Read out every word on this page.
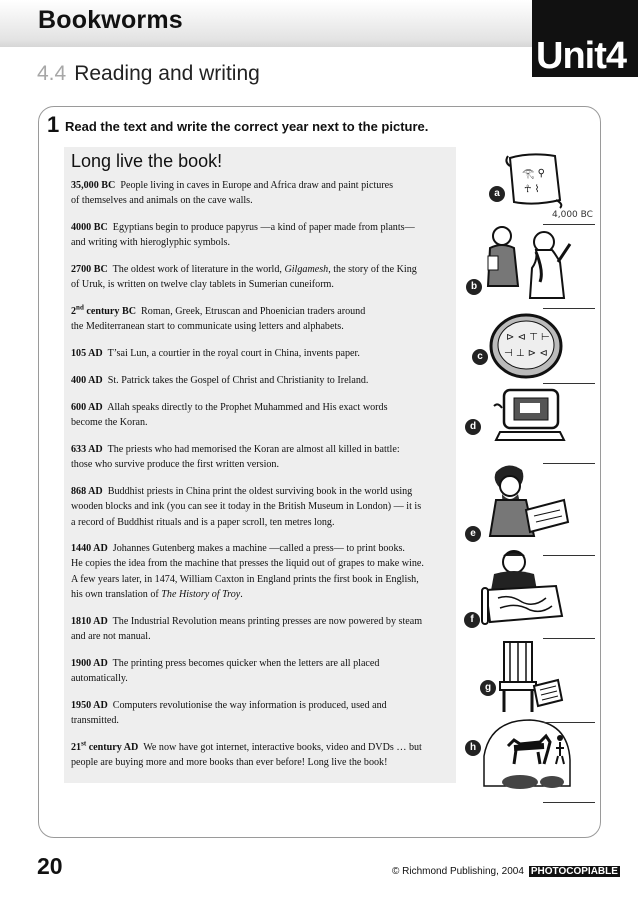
Bookworms
Unit4
4.4 Reading and writing
1 Read the text and write the correct year next to the picture.
Long live the book!
35,000 BC People living in caves in Europe and Africa draw and paint pictures
of themselves and animals on the cave walls.
4000 BC Egyptians begin to produce papyrus —a kind of paper made from plants—
and writing with hieroglyphic symbols.
2700 BC The oldest work of literature in the world, Gilgamesh, the story of the King
of Uruk, is written on twelve clay tablets in Sumerian cuneiform.
2nd century BC Roman, Greek, Etruscan and Phoenician traders around
the Mediterranean start to communicate using letters and alphabets.
105 AD T’sai Lun, a courtier in the royal court in China, invents paper.
400 AD St. Patrick takes the Gospel of Christ and Christianity to Ireland.
600 AD Allah speaks directly to the Prophet Muhammed and His exact words
become the Koran.
633 AD The priests who had memorised the Koran are almost all killed in battle:
those who survive produce the first written version.
868 AD Buddhist priests in China print the oldest surviving book in the world using
wooden blocks and ink (you can see it today in the British Museum in London) — it is
a record of Buddhist rituals and is a paper scroll, ten metres long.
1440 AD Johannes Gutenberg makes a machine —called a press— to print books.
He copies the idea from the machine that presses the liquid out of grapes to make wine.
A few years later, in 1474, William Caxton in England prints the first book in English,
his own translation of The History of Troy.
1810 AD The Industrial Revolution means printing presses are now powered by steam
and are not manual.
1900 AD The printing press becomes quicker when the letters are all placed
automatically.
1950 AD Computers revolutionise the way information is produced, used and
transmitted.
21st century AD We now have got internet, interactive books, video and DVDs … but
people are buying more and more books than ever before! Long live the book!
𓂀 ⚲
☥ ⌇
⊳ ⊲ ⊤ ⊢
⊣ ⊥ ⊳ ⊲
a
b
c
d
e
f
g
h
4,000 BC
20	© Richmond Publishing, 2004 PHOTOCOPIABLE
